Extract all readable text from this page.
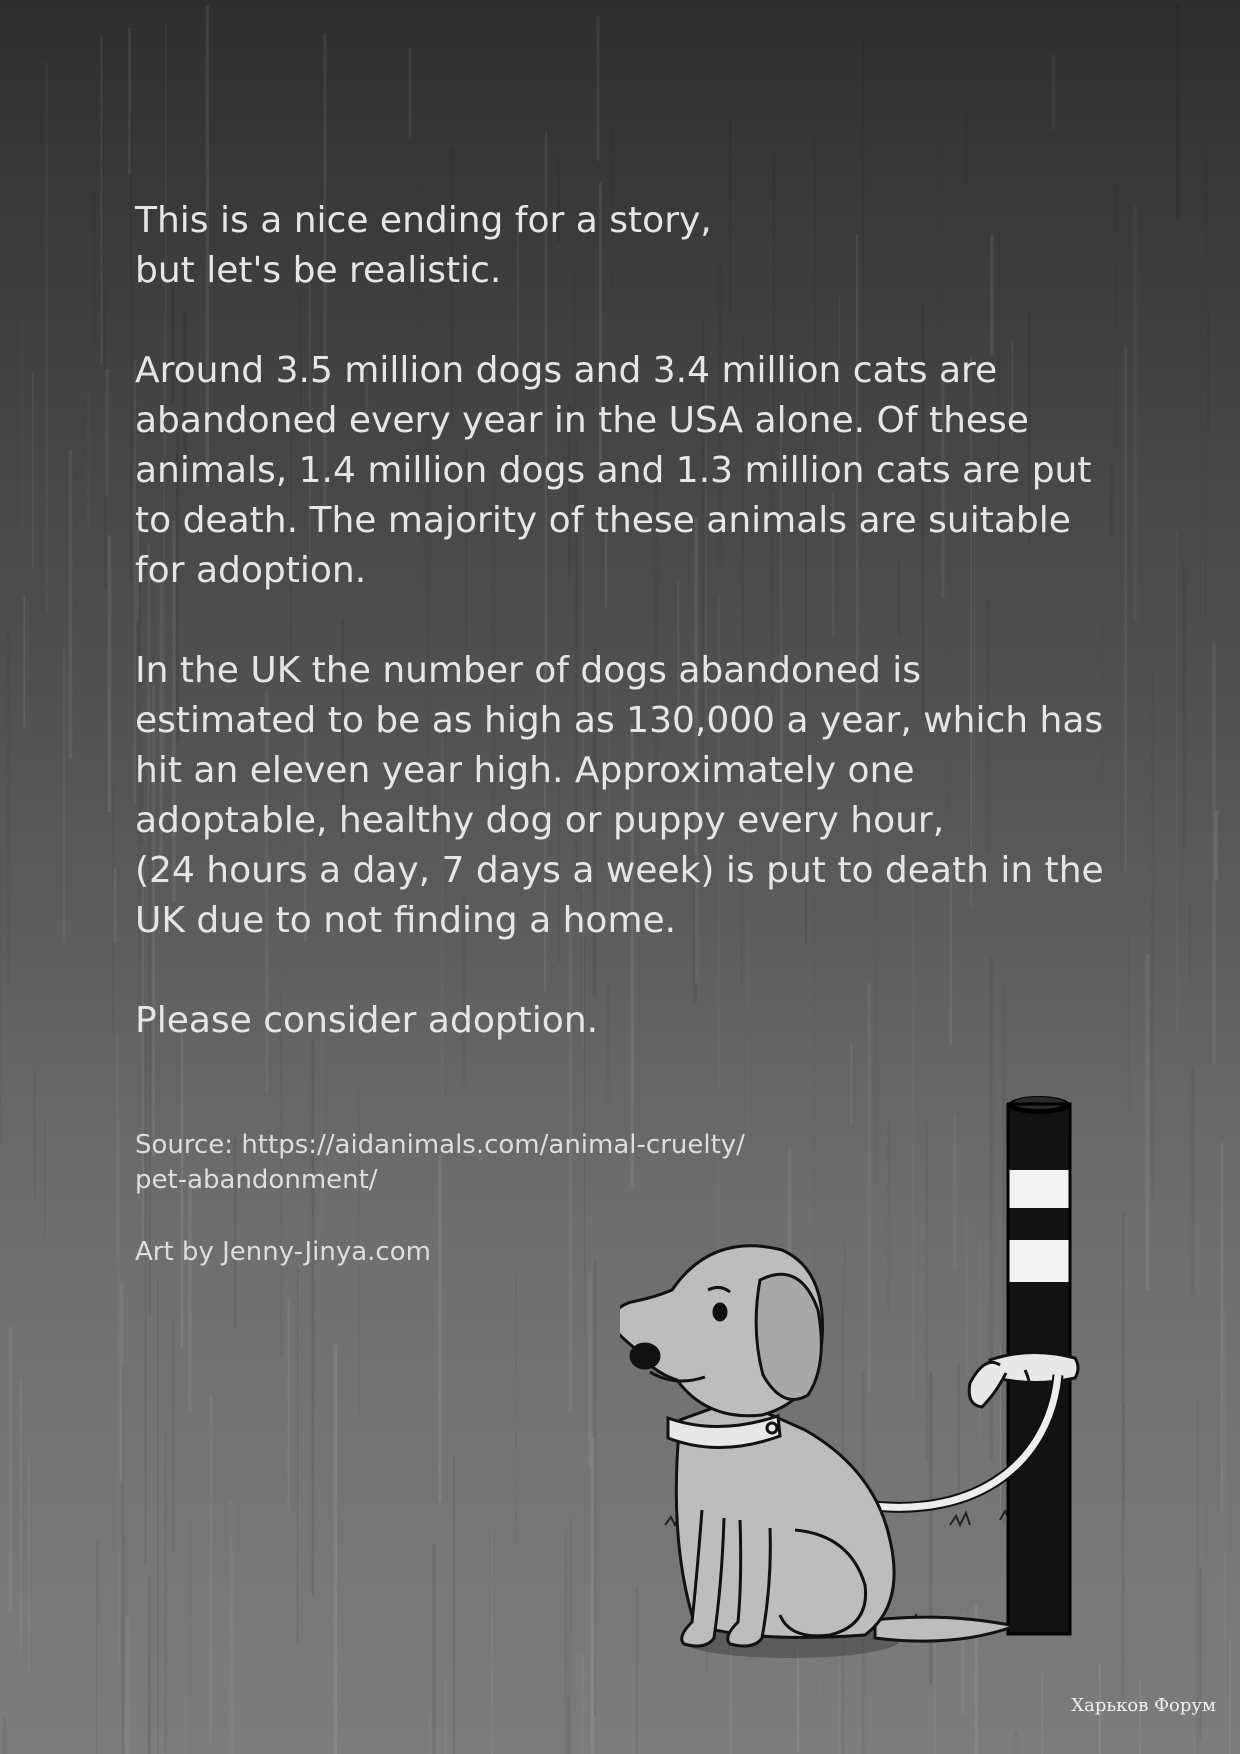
This is a nice ending for a story,
but let's be realistic.

Around 3.5 million dogs and 3.4 million cats are
abandoned every year in the USA alone. Of these
animals, 1.4 million dogs and 1.3 million cats are put
to death. The majority of these animals are suitable
for adoption.

In the UK the number of dogs abandoned is
estimated to be as high as 130,000 a year, which has
hit an eleven year high. Approximately one
adoptable, healthy dog or puppy every hour,
(24 hours a day, 7 days a week) is put to death in the
UK due to not finding a home.

Please consider adoption.

Source: https://aidanimals.com/animal-cruelty/
pet-abandonment/
Art by Jenny-Jinya.com
Харьков Форум
